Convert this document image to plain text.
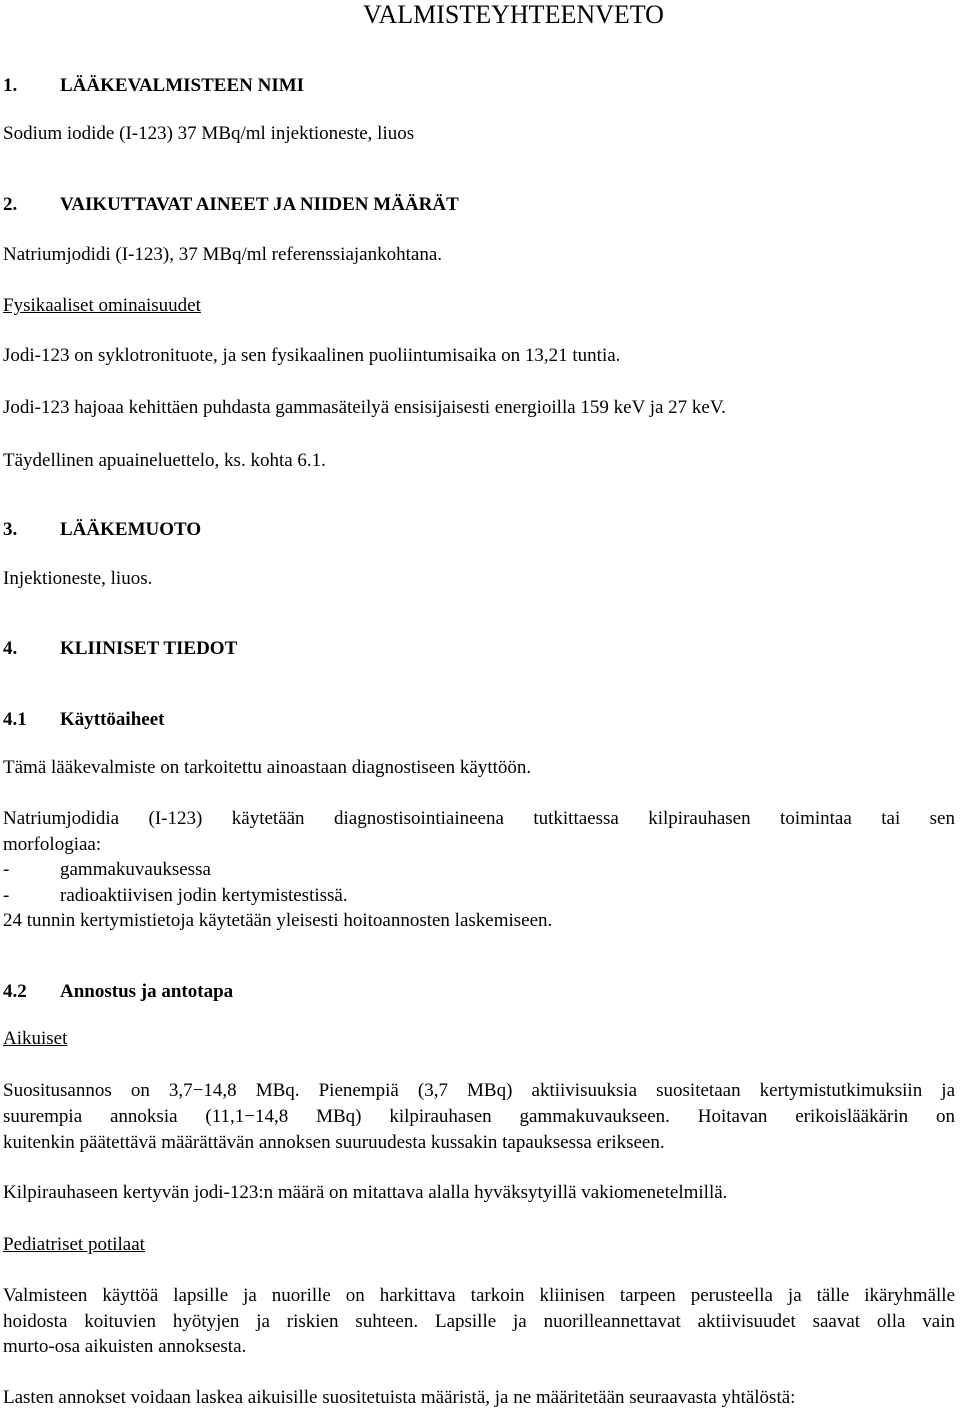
VALMISTEYHTEENVETO
1. LÄÄKEVALMISTEEN NIMI

Sodium iodide (I-123) 37 MBq/ml injektioneste, liuos

2. VAIKUTTAVAT AINEET JA NIIDEN MÄÄRÄT

Natriumjodidi (I-123), 37 MBq/ml referenssiajankohtana.

Fysikaaliset ominaisuudet

Jodi-123 on syklotronituote, ja sen fysikaalinen puoliintumisaika on 13,21 tuntia.

Jodi-123 hajoaa kehittäen puhdasta gammasäteilyä ensisijaisesti energioilla 159 keV ja 27 keV.

Täydellinen apuaineluettelo, ks. kohta 6.1.

3. LÄÄKEMUOTO

Injektioneste, liuos.

4. KLIINISET TIEDOT
4.1 Käyttöaiheet

Tämä lääkevalmiste on tarkoitettu ainoastaan diagnostiseen käyttöön.

Natriumjodidia (I-123) käytetään diagnostisointiaineena tutkittaessa kilpirauhasen toimintaa tai sen

morfologiaa:

-	gammakuvauksessa
-	radioaktiivisen jodin kertymistestissä.

24 tunnin kertymistietoja käytetään yleisesti hoitoannosten laskemiseen.

4.2 Annostus ja antotapa

Aikuiset

Suositusannos on 3,7−14,8 MBq. Pienempiä (3,7 MBq) aktiivisuuksia suositetaan kertymistutkimuksiin ja

suurempia annoksia (11,1−14,8 MBq) kilpirauhasen gammakuvaukseen. Hoitavan erikoislääkärin on

kuitenkin päätettävä määrättävän annoksen suuruudesta kussakin tapauksessa erikseen.

Kilpirauhaseen kertyvän jodi-123:n määrä on mitattava alalla hyväksytyillä vakiomenetelmillä.

Pediatriset potilaat

Valmisteen käyttöä lapsille ja nuorille on harkittava tarkoin kliinisen tarpeen perusteella ja tälle ikäryhmälle

hoidosta koituvien hyötyjen ja riskien suhteen. Lapsille ja nuorilleannettavat aktiivisuudet saavat olla vain

murto-osa aikuisten annoksesta.

Lasten annokset voidaan laskea aikuisille suositetuista määristä, ja ne määritetään seuraavasta yhtälöstä:
